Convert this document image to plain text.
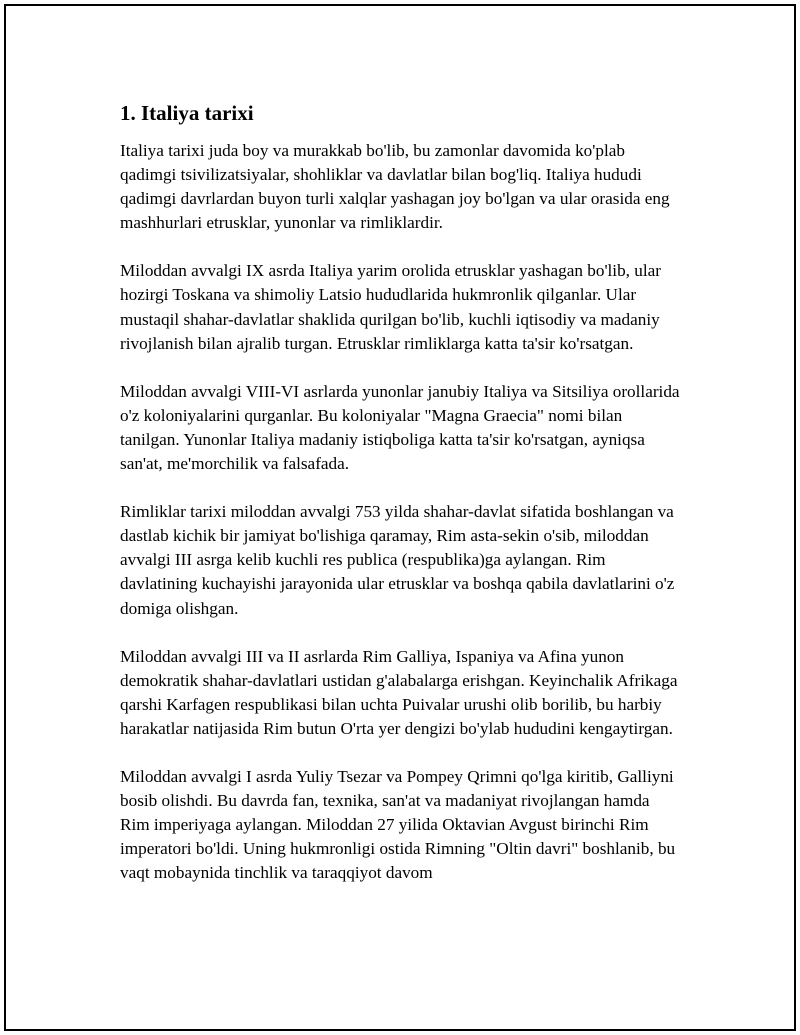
1. Italiya tarixi

Italiya tarixi juda boy va murakkab bo'lib, bu zamonlar davomida ko'plab qadimgi tsivilizatsiyalar, shohliklar va davlatlar bilan bog'liq. Italiya hududi qadimgi davrlardan buyon turli xalqlar yashagan joy bo'lgan va ular orasida eng mashhurlari etrusklar, yunonlar va rimliklardir.

Miloddan avvalgi IX asrda Italiya yarim orolida etrusklar yashagan bo'lib, ular hozirgi Toskana va shimoliy Latsio hududlarida hukmronlik qilganlar. Ular mustaqil shahar-davlatlar shaklida qurilgan bo'lib, kuchli iqtisodiy va madaniy rivojlanish bilan ajralib turgan. Etrusklar rimliklarga katta ta'sir ko'rsatgan.

Miloddan avvalgi VIII-VI asrlarda yunonlar janubiy Italiya va Sitsiliya orollarida o'z koloniyalarini qurganlar. Bu koloniyalar "Magna Graecia" nomi bilan tanilgan. Yunonlar Italiya madaniy istiqboliga katta ta'sir ko'rsatgan, ayniqsa san'at, me'morchilik va falsafada.

Rimliklar tarixi miloddan avvalgi 753 yilda shahar-davlat sifatida boshlangan va dastlab kichik bir jamiyat bo'lishiga qaramay, Rim asta-sekin o'sib, miloddan avvalgi III asrga kelib kuchli res publica (respublika)ga aylangan. Rim davlatining kuchayishi jarayonida ular etrusklar va boshqa qabila davlatlarini o'z domiga olishgan.

Miloddan avvalgi III va II asrlarda Rim Galliya, Ispaniya va Afina yunon demokratik shahar-davlatlari ustidan g'alabalarga erishgan. Keyinchalik Afrikaga qarshi Karfagen respublikasi bilan uchta Puivalar urushi olib borilib, bu harbiy harakatlar natijasida Rim butun O'rta yer dengizi bo'ylab hududini kengaytirgan.

Miloddan avvalgi I asrda Yuliy Tsezar va Pompey Qrimni qo'lga kiritib, Galliyni bosib olishdi. Bu davrda fan, texnika, san'at va madaniyat rivojlangan hamda Rim imperiyaga aylangan. Miloddan 27 yilida Oktavian Avgust birinchi Rim imperatori bo'ldi. Uning hukmronligi ostida Rimning "Oltin davri" boshlanib, bu vaqt mobaynida tinchlik va taraqqiyot davom
